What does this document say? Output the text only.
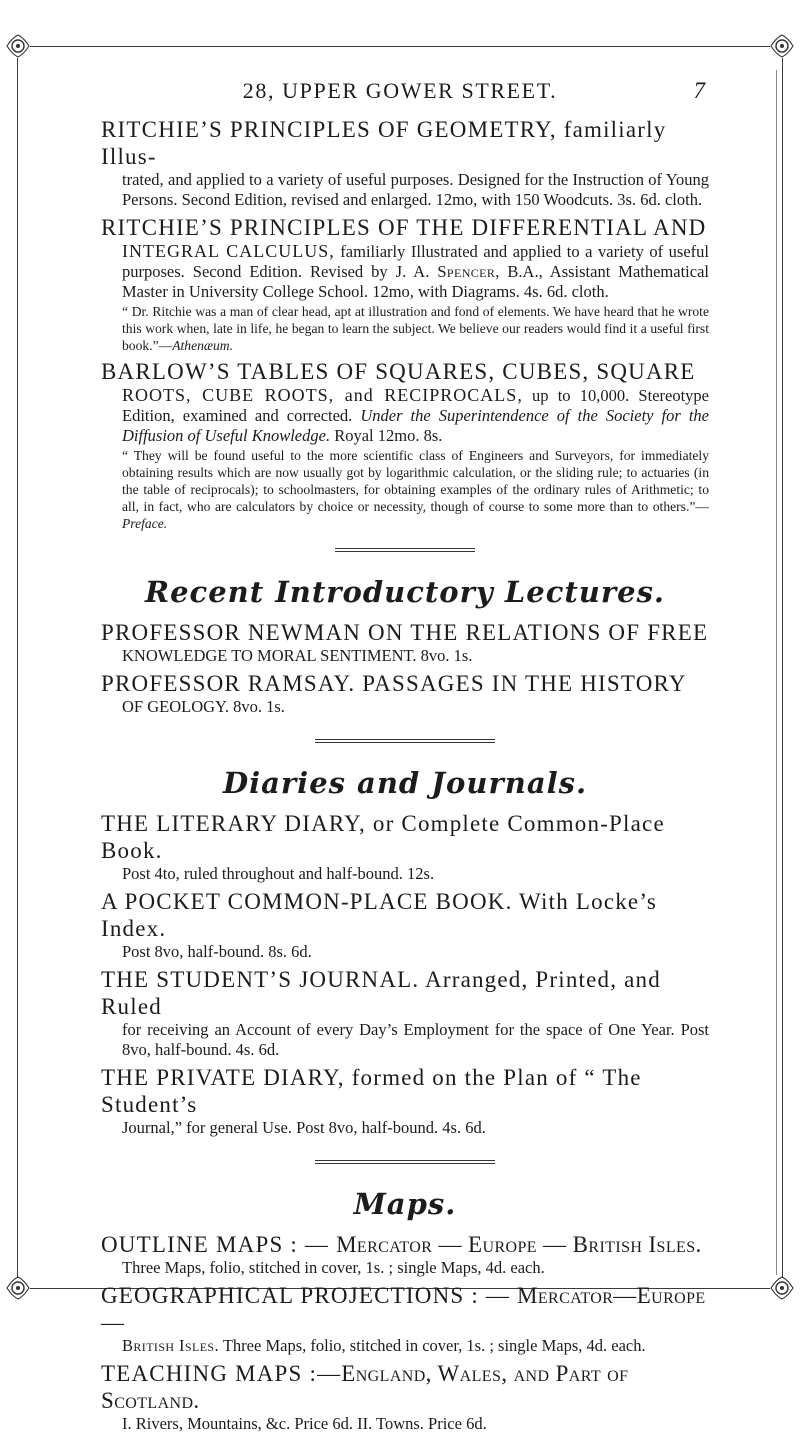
28, UPPER GOWER STREET.	7
RITCHIE’S PRINCIPLES OF GEOMETRY, familiarly Illus-
trated, and applied to a variety of useful purposes. Designed for the Instruction of Young Persons. Second Edition, revised and enlarged. 12mo, with 150 Woodcuts. 3s. 6d. cloth.
RITCHIE’S PRINCIPLES OF THE DIFFERENTIAL AND
INTEGRAL CALCULUS, familiarly Illustrated and applied to a variety of useful purposes. Second Edition. Revised by J. A. Spencer, B.A., Assistant Mathematical Master in University College School. 12mo, with Diagrams. 4s. 6d. cloth.
“ Dr. Ritchie was a man of clear head, apt at illustration and fond of elements. We have heard that he wrote this work when, late in life, he began to learn the subject. We believe our readers would find it a useful first book.”—Athenæum.
BARLOW’S TABLES OF SQUARES, CUBES, SQUARE
ROOTS, CUBE ROOTS, and RECIPROCALS, up to 10,000. Stereotype Edition, examined and corrected. Under the Superintendence of the Society for the Diffusion of Useful Knowledge. Royal 12mo. 8s.
“ They will be found useful to the more scientific class of Engineers and Surveyors, for immediately obtaining results which are now usually got by logarithmic calculation, or the sliding rule; to actuaries (in the table of reciprocals); to schoolmasters, for obtaining examples of the ordinary rules of Arithmetic; to all, in fact, who are calculators by choice or necessity, though of course to some more than to others.”—Preface.
Recent Introductory Lectures.
PROFESSOR NEWMAN ON THE RELATIONS OF FREE
KNOWLEDGE TO MORAL SENTIMENT. 8vo. 1s.
PROFESSOR RAMSAY. PASSAGES IN THE HISTORY
OF GEOLOGY. 8vo. 1s.
Diaries and Journals.
THE LITERARY DIARY, or Complete Common-Place Book.
Post 4to, ruled throughout and half-bound. 12s.
A POCKET COMMON-PLACE BOOK. With Locke’s Index.
Post 8vo, half-bound. 8s. 6d.
THE STUDENT’S JOURNAL. Arranged, Printed, and Ruled
for receiving an Account of every Day’s Employment for the space of One Year. Post 8vo, half-bound. 4s. 6d.
THE PRIVATE DIARY, formed on the Plan of “ The Student’s
Journal,” for general Use. Post 8vo, half-bound. 4s. 6d.
Maps.
OUTLINE MAPS : — Mercator — Europe — British Isles.
Three Maps, folio, stitched in cover, 1s. ; single Maps, 4d. each.
GEOGRAPHICAL PROJECTIONS : — Mercator—Europe—
British Isles. Three Maps, folio, stitched in cover, 1s. ; single Maps, 4d. each.
TEACHING MAPS :—England, Wales, and Part of Scotland.
I. Rivers, Mountains, &c. Price 6d. II. Towns. Price 6d.
